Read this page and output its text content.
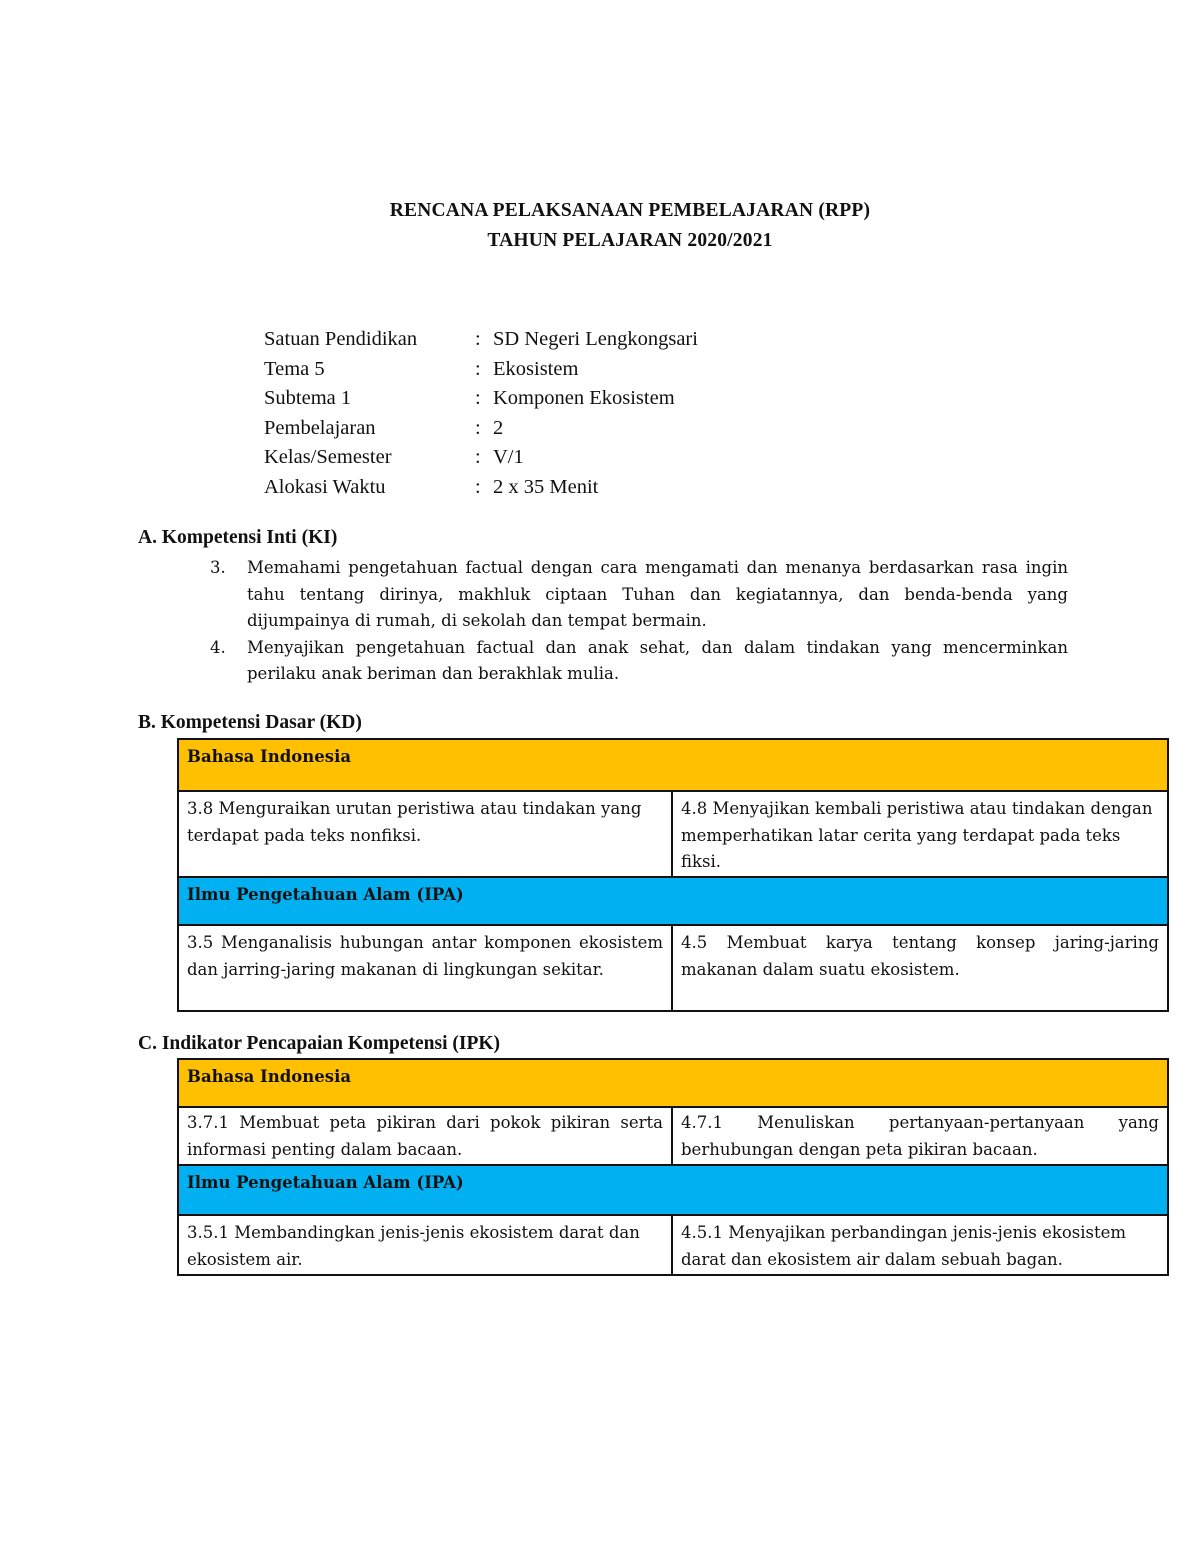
RENCANA PELAKSANAAN PEMBELAJARAN (RPP)
TAHUN PELAJARAN 2020/2021
Satuan Pendidikan	: SD Negeri Lengkongsari
Tema 5	: Ekosistem
Subtema 1	: Komponen Ekosistem
Pembelajaran	: 2
Kelas/Semester	: V/1
Alokasi Waktu	: 2 x 35 Menit
A. Kompetensi Inti (KI)
3. Memahami pengetahuan factual dengan cara mengamati dan menanya berdasarkan rasa ingin tahu tentang dirinya, makhluk ciptaan Tuhan dan kegiatannya, dan benda-benda yang dijumpainya di rumah, di sekolah dan tempat bermain.
4. Menyajikan pengetahuan factual dan anak sehat, dan dalam tindakan yang mencerminkan perilaku anak beriman dan berakhlak mulia.
B. Kompetensi Dasar (KD)
Bahasa Indonesia	
3.8 Menguraikan urutan peristiwa atau tindakan yang terdapat pada teks nonfiksi.	4.8 Menyajikan kembali peristiwa atau tindakan dengan memperhatikan latar cerita yang terdapat pada teks fiksi.
Ilmu Pengetahuan Alam (IPA)	
3.5 Menganalisis hubungan antar komponen ekosistem dan jarring-jaring makanan di lingkungan sekitar.	4.5 Membuat karya tentang konsep jaring-jaring makanan dalam suatu ekosistem.
C. Indikator Pencapaian Kompetensi (IPK)
Bahasa Indonesia	
3.7.1 Membuat peta pikiran dari pokok pikiran serta informasi penting dalam bacaan.	4.7.1 Menuliskan pertanyaan-pertanyaan yang berhubungan dengan peta pikiran bacaan.
Ilmu Pengetahuan Alam (IPA)	
3.5.1 Membandingkan jenis-jenis ekosistem darat dan ekosistem air.	4.5.1 Menyajikan perbandingan jenis-jenis ekosistem darat dan ekosistem air dalam sebuah bagan.
